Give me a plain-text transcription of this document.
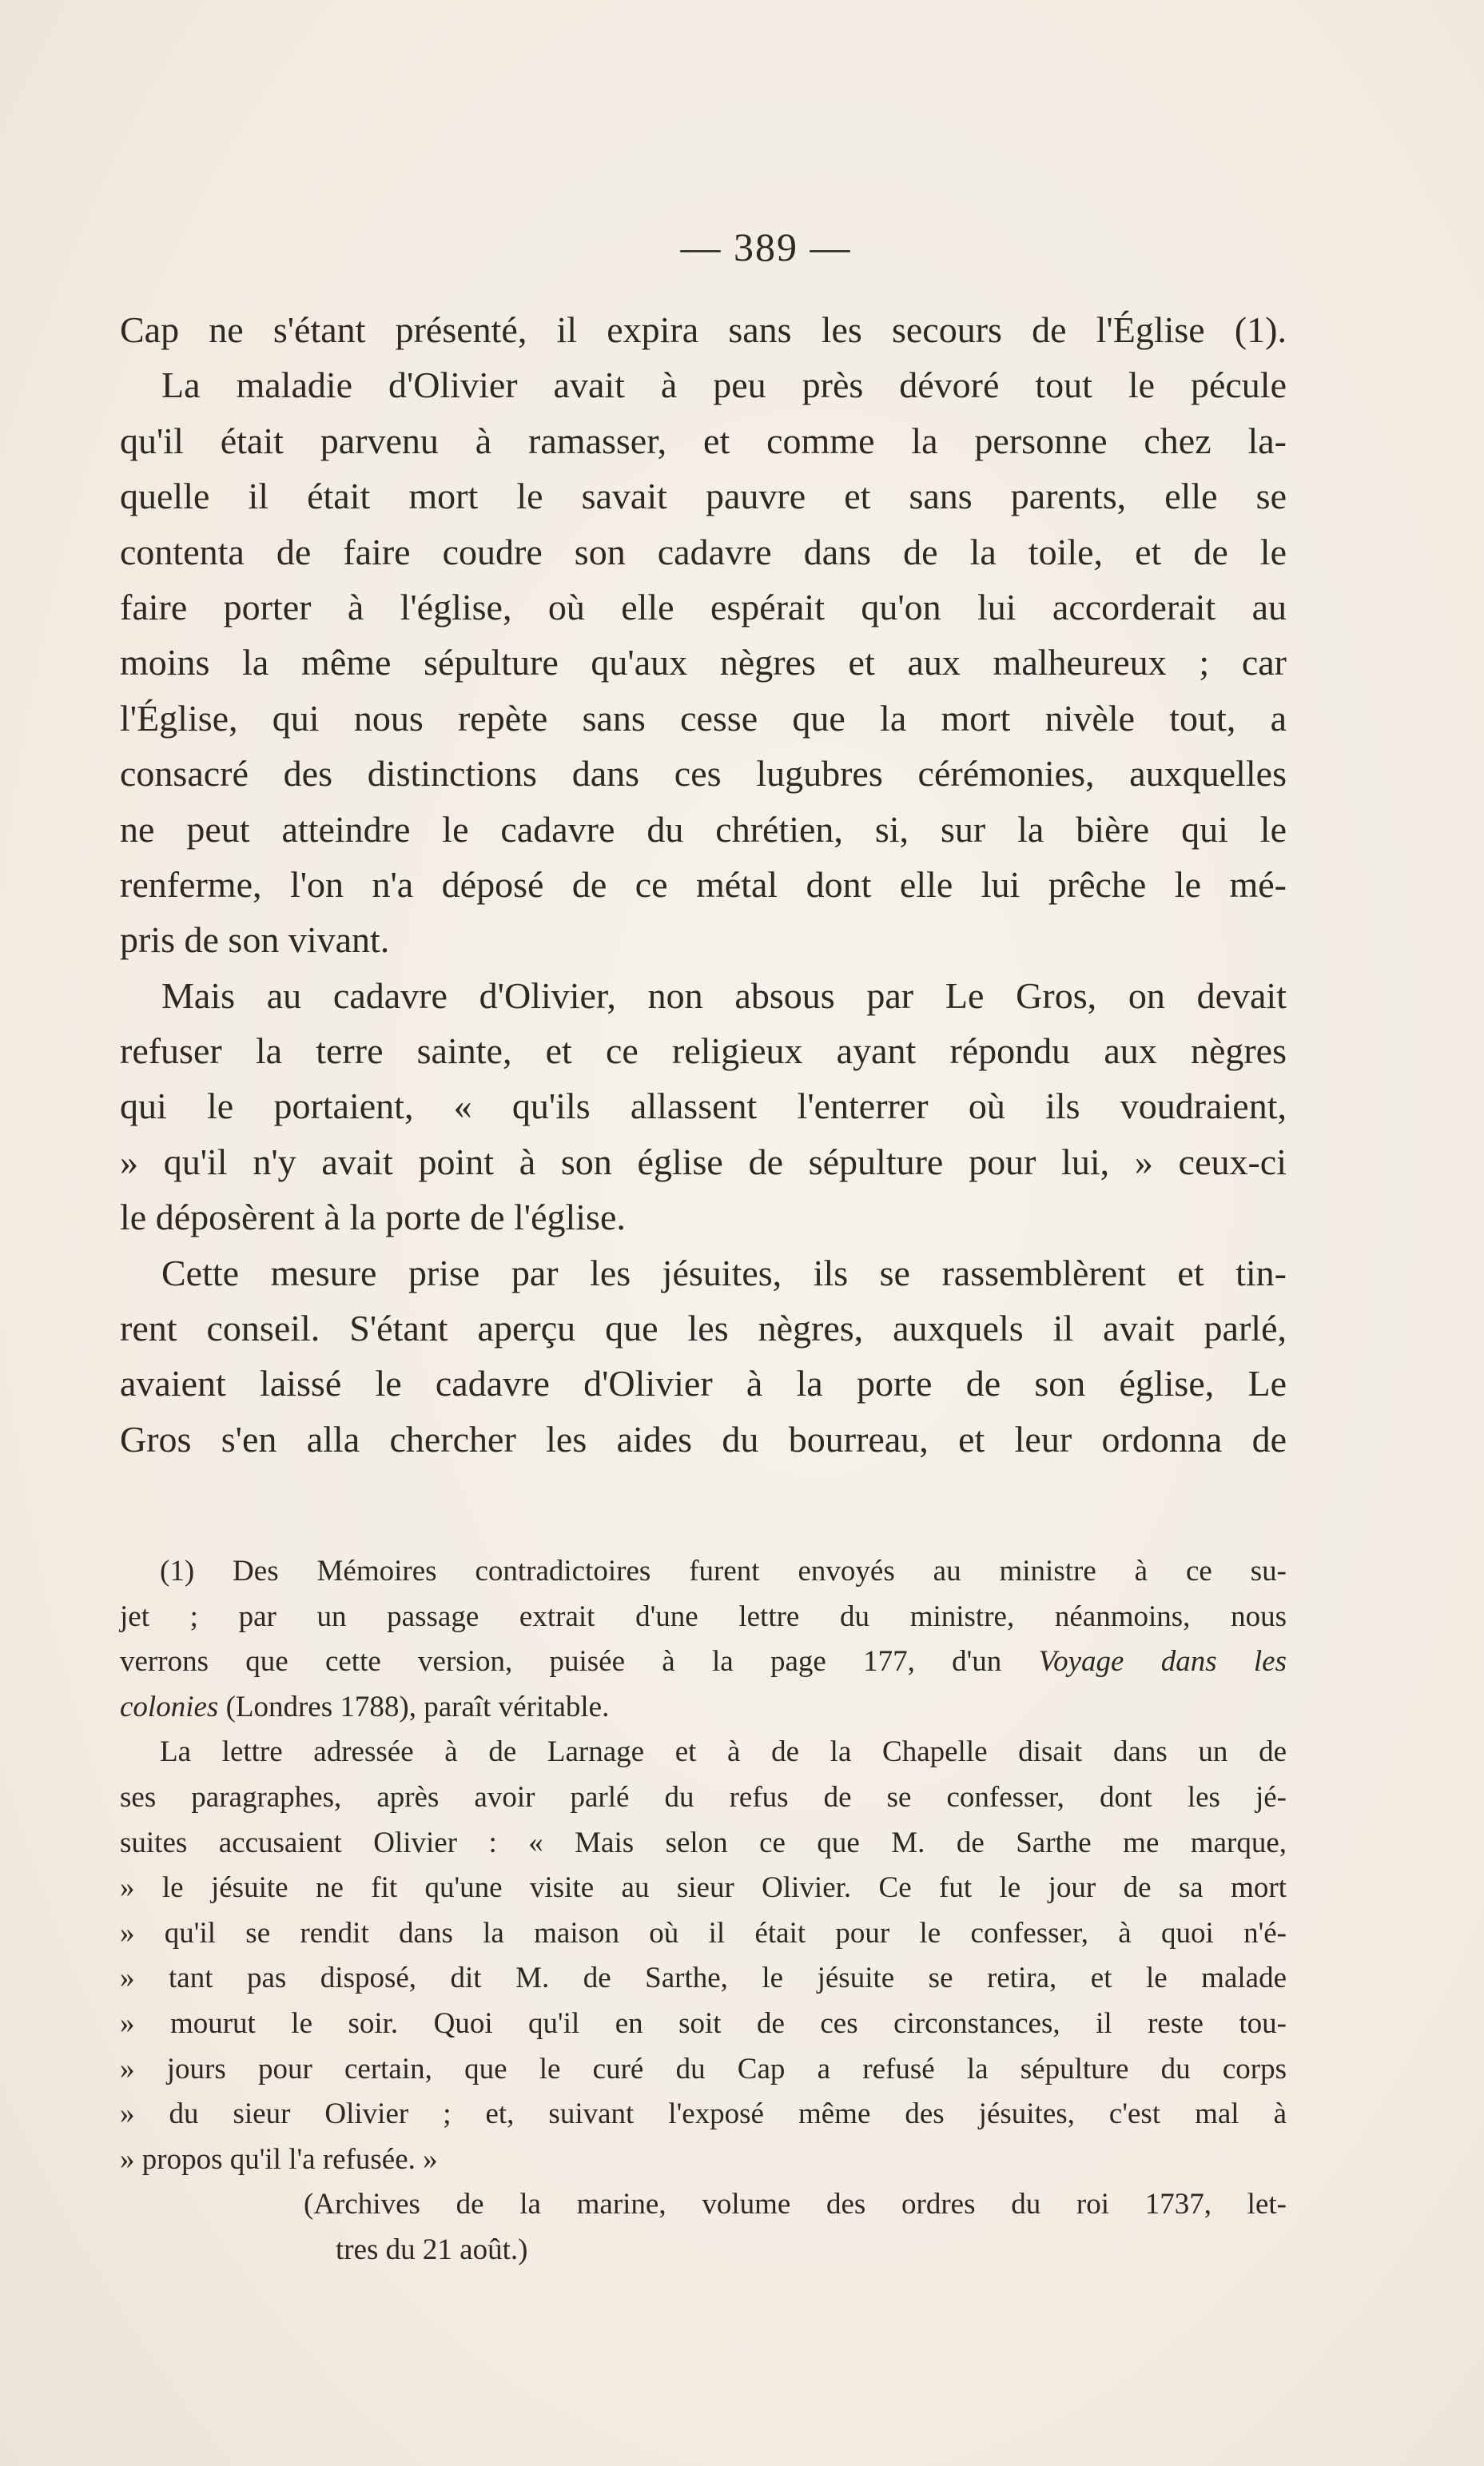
— 389 —
Cap ne s'étant présenté, il expira sans les secours de l'Église (1).
La maladie d'Olivier avait à peu près dévoré tout le pécule
qu'il était parvenu à ramasser, et comme la personne chez la-
quelle il était mort le savait pauvre et sans parents, elle se
contenta de faire coudre son cadavre dans de la toile, et de le
faire porter à l'église, où elle espérait qu'on lui accorderait au
moins la même sépulture qu'aux nègres et aux malheureux ; car
l'Église, qui nous repète sans cesse que la mort nivèle tout, a
consacré des distinctions dans ces lugubres cérémonies, auxquelles
ne peut atteindre le cadavre du chrétien, si, sur la bière qui le
renferme, l'on n'a déposé de ce métal dont elle lui prêche le mé-
pris de son vivant.
Mais au cadavre d'Olivier, non absous par Le Gros, on devait
refuser la terre sainte, et ce religieux ayant répondu aux nègres
qui le portaient, « qu'ils allassent l'enterrer où ils voudraient,
» qu'il n'y avait point à son église de sépulture pour lui, » ceux-ci
le déposèrent à la porte de l'église.
Cette mesure prise par les jésuites, ils se rassemblèrent et tin-
rent conseil. S'étant aperçu que les nègres, auxquels il avait parlé,
avaient laissé le cadavre d'Olivier à la porte de son église, Le
Gros s'en alla chercher les aides du bourreau, et leur ordonna de
(1) Des Mémoires contradictoires furent envoyés au ministre à ce su-
jet ; par un passage extrait d'une lettre du ministre, néanmoins, nous
verrons que cette version, puisée à la page 177, d'un Voyage dans les
colonies (Londres 1788), paraît véritable.
La lettre adressée à de Larnage et à de la Chapelle disait dans un de
ses paragraphes, après avoir parlé du refus de se confesser, dont les jé-
suites accusaient Olivier : « Mais selon ce que M. de Sarthe me marque,
» le jésuite ne fit qu'une visite au sieur Olivier. Ce fut le jour de sa mort
» qu'il se rendit dans la maison où il était pour le confesser, à quoi n'é-
» tant pas disposé, dit M. de Sarthe, le jésuite se retira, et le malade
» mourut le soir. Quoi qu'il en soit de ces circonstances, il reste tou-
» jours pour certain, que le curé du Cap a refusé la sépulture du corps
» du sieur Olivier ; et, suivant l'exposé même des jésuites, c'est mal à
» propos qu'il l'a refusée. »
(Archives de la marine, volume des ordres du roi 1737, let-
tres du 21 août.)
